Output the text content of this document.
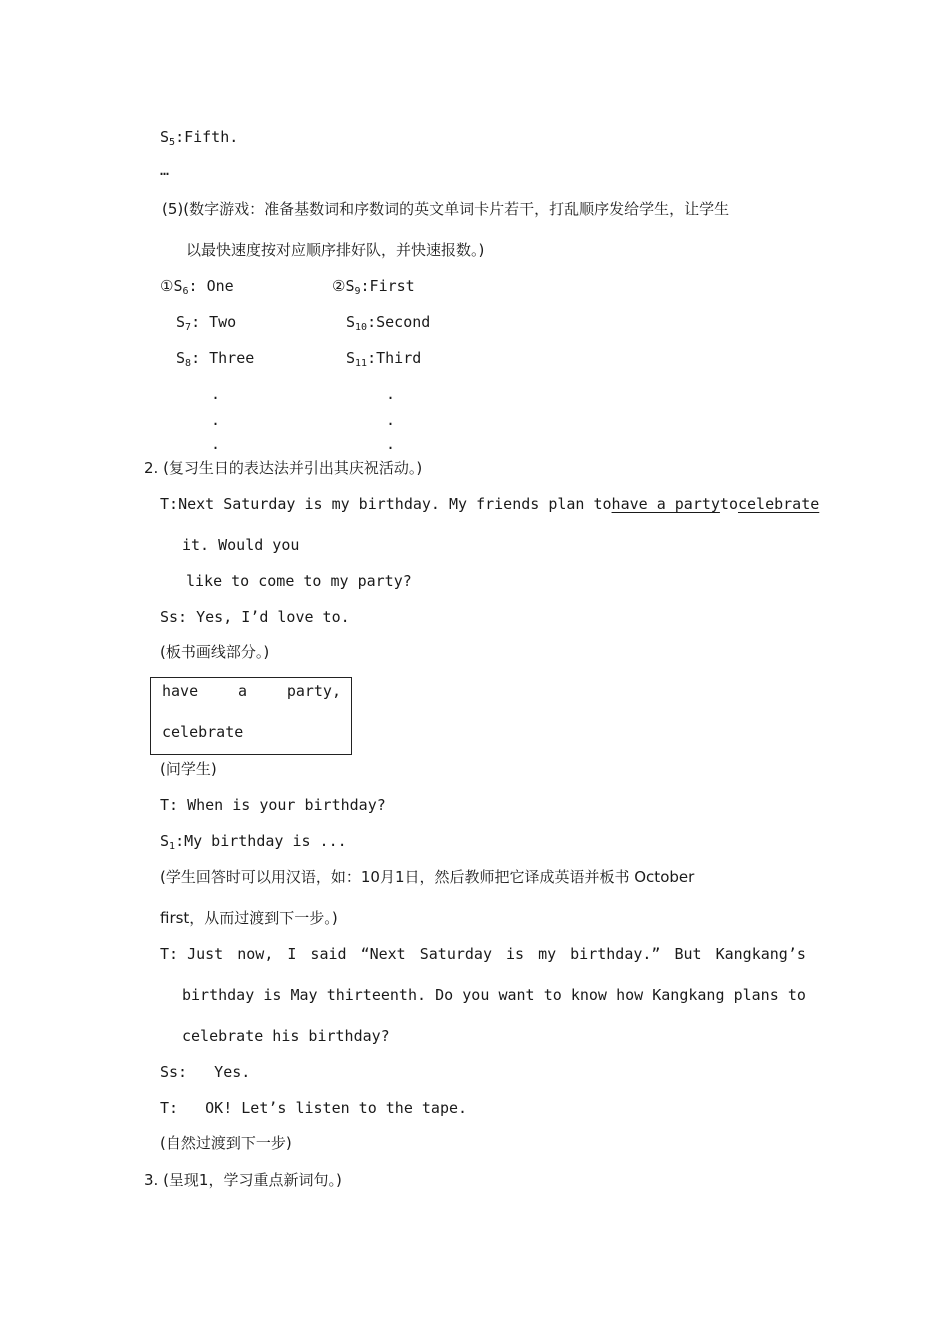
$S_5:Fifth$.
…
(5)(数字游戏：准备基数词和序数词的英文单词卡片若干，打乱顺序发给学生，让学生
以最快速度按对应顺序排好队，并快速报数。)
$①S_6$: One
$S_7$: Two
$S_8$: Three
$②S_9:First$
$S_{10}:Second$
$S_{11}:Third$
.
.
.
.
.
.
2. (复习生日的表达法并引出其庆祝活动。)
T: Next Saturday is my birthday. My friends plan to have a party to celebrate
it. Would you
like to come to my party?
Ss: Yes, I’d love to.
(板书画线部分。)
have	a	party,
celebrate
(问学生)
T: When is your birthday?
$S_1:My$ birthday is ...
(学生回答时可以用汉语，如：10月1日，然后教师把它译成英语并板书 October
first，从而过渡到下一步。)
T: Just now, I said “Next Saturday is my birthday.” But Kangkang’s
birthday is May thirteenth. Do you want to know how Kangkang plans to
celebrate his birthday?
Ss:   Yes.
T:   OK! Let’s listen to the tape.
(自然过渡到下一步)
3. (呈现1，学习重点新词句。)
